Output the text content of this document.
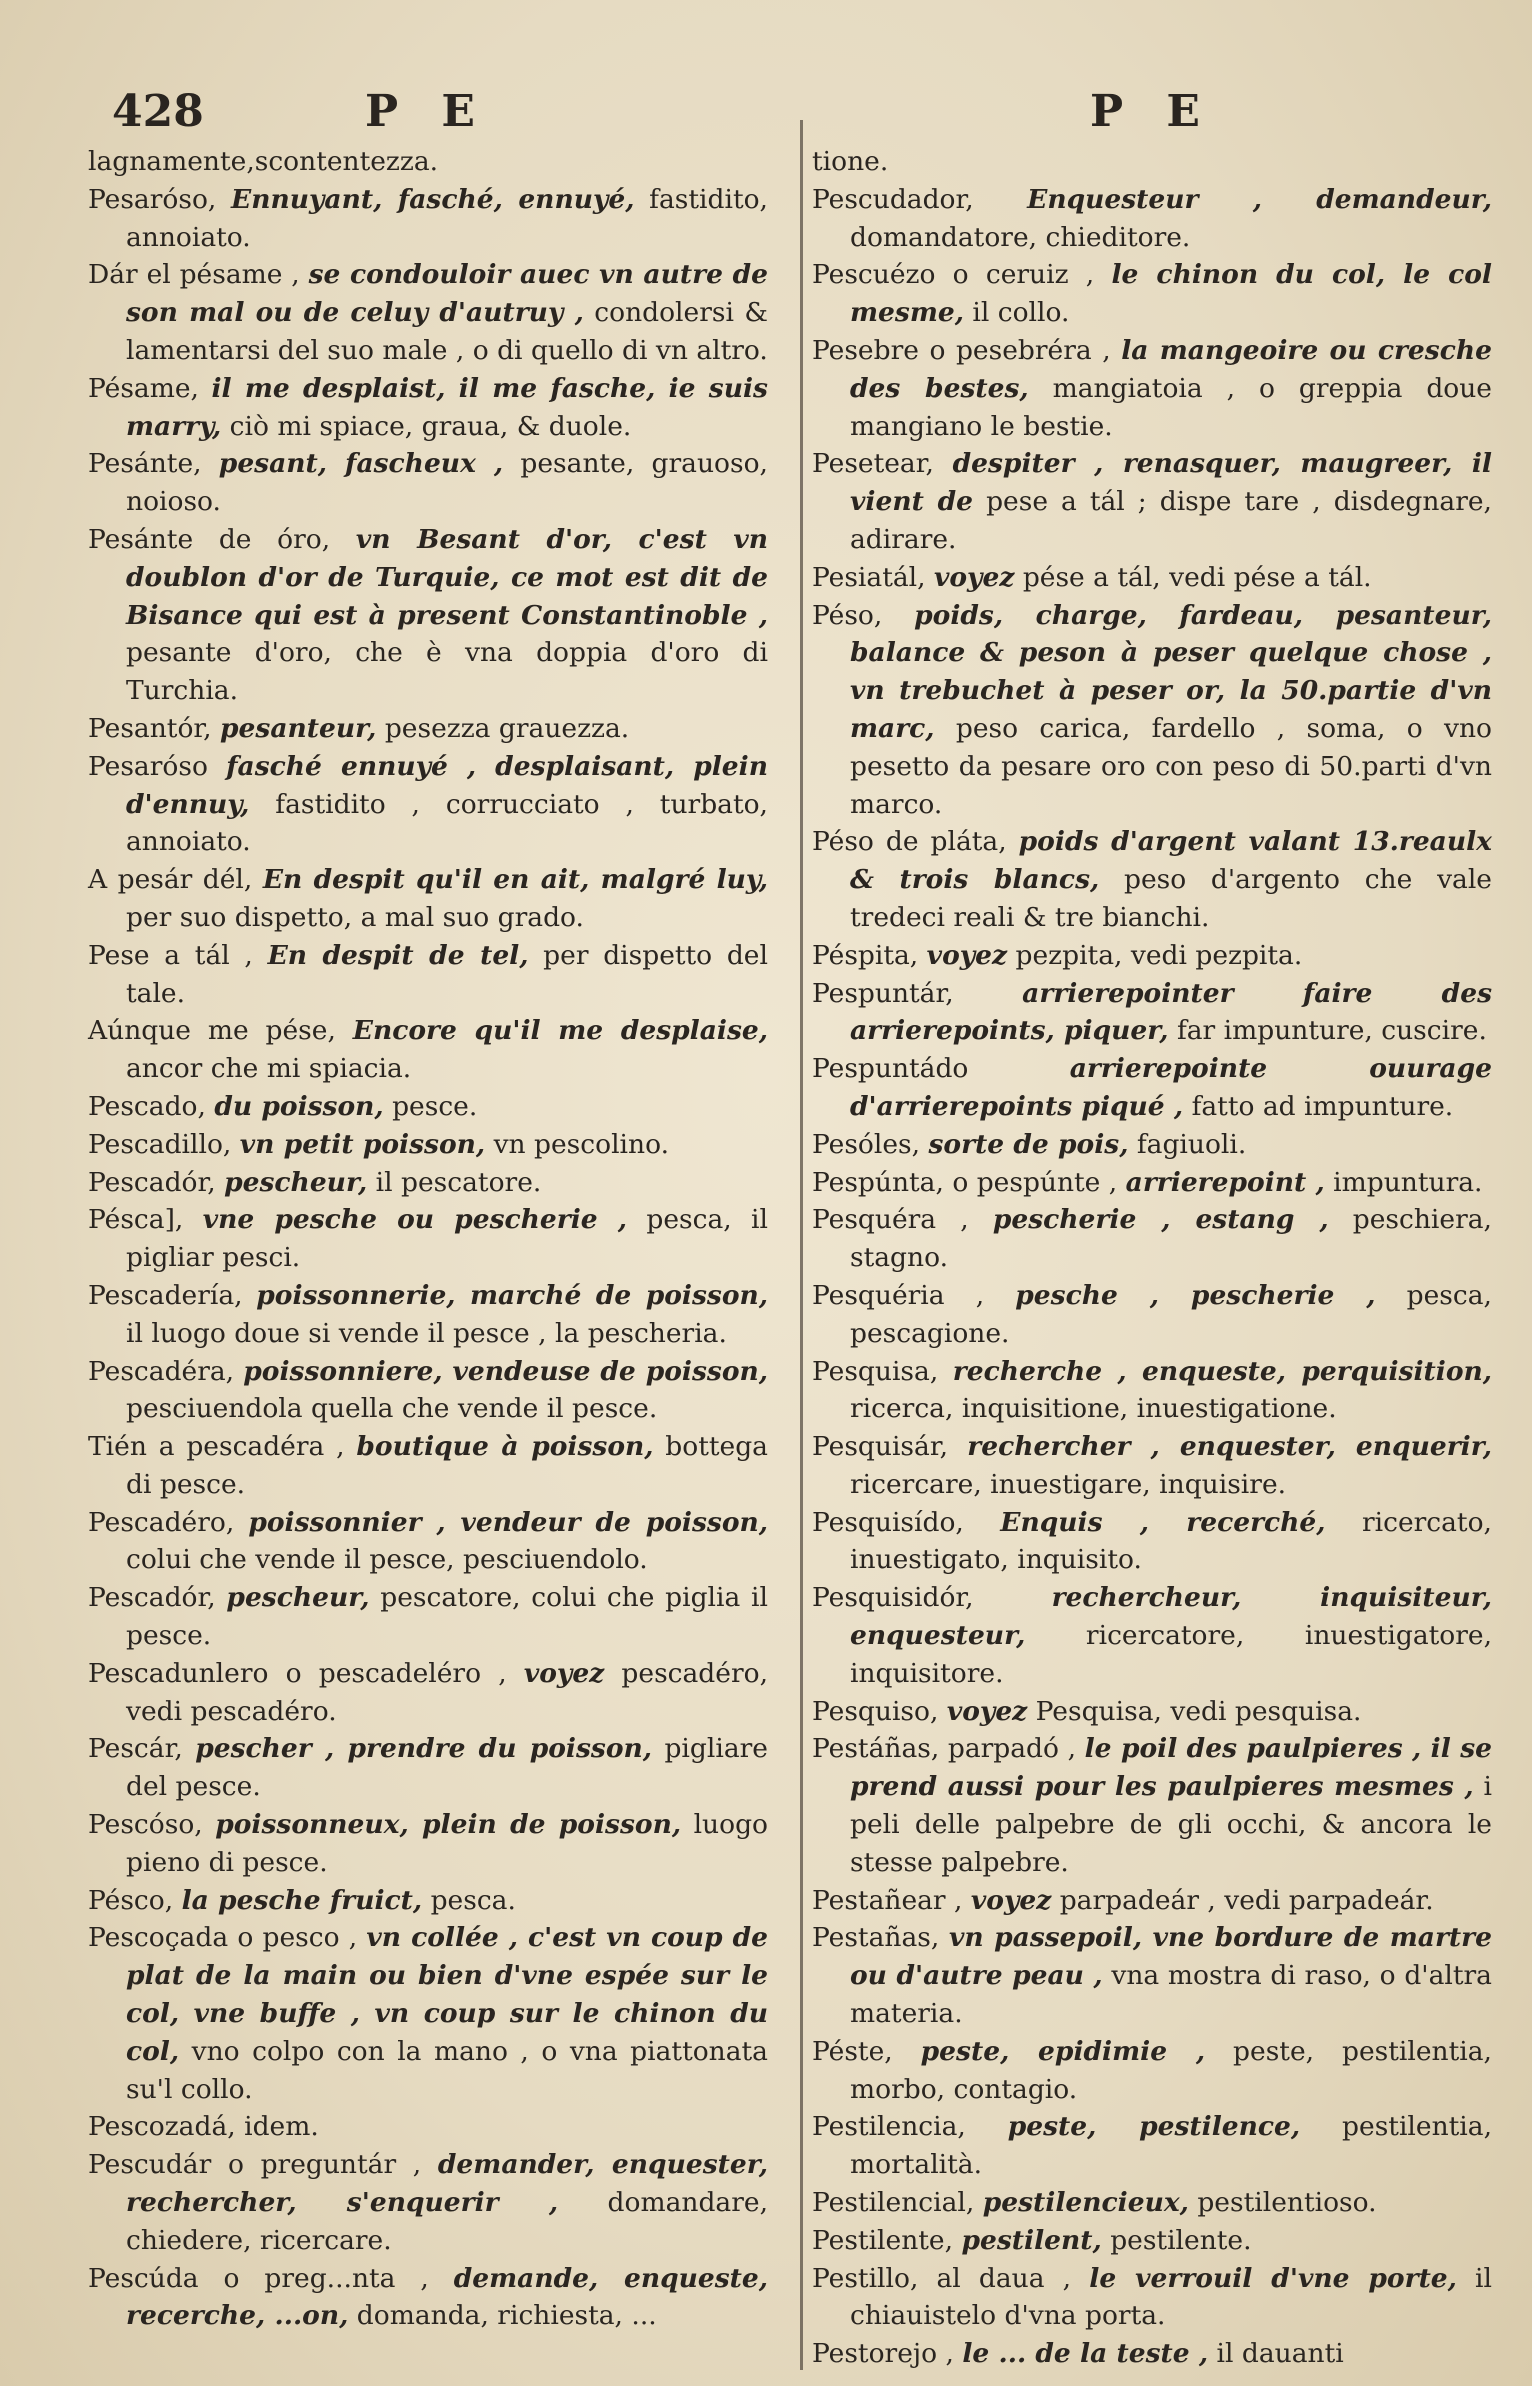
428	P E	P E
lagnamente,scontentezza.
Pesarόso, Ennuyant, fasché, ennuyé, fastidito, annoiato.
Dár el pésame , se condouloir auec vn autre de son mal ou de celuy d'autruy , condolersi & lamentarsi del suo male , o di quello di vn altro.
Pésame, il me desplaist, il me fasche, ie suis marry, ciò mi spiace, graua, & duole.
Pesánte, pesant, fascheux , pesante, grauoso, noioso.
Pesánte de óro, vn Besant d'or, c'est vn doublon d'or de Turquie, ce mot est dit de Bisance qui est à present Constantinoble , pesante d'oro, che è vna doppia d'oro di Turchia.
Pesantór, pesanteur, pesezza grauezza.
Pesarόso fasché ennuyé , desplaisant, plein d'ennuy, fastidito , corrucciato , turbato, annoiato.
A pesár dél, En despit qu'il en ait, malgré luy, per suo dispetto, a mal suo grado.
Pese a tál , En despit de tel, per dispetto del tale.
Aúnque me pése, Encore qu'il me desplaise, ancor che mi spiacia.
Pescado, du poisson, pesce.
Pescadillo, vn petit poisson, vn pescolino.
Pescadór, pescheur, il pescatore.
Pésca], vne pesche ou pescherie , pesca, il pigliar pesci.
Pescadería, poissonnerie, marché de poisson, il luogo doue si vende il pesce , la pescheria.
Pescadéra, poissonniere, vendeuse de poisson, pesciuendola quella che vende il pesce.
Tién a pescadéra , boutique à poisson, bottega di pesce.
Pescadéro, poissonnier , vendeur de poisson, colui che vende il pesce, pesciuendolo.
Pescadór, pescheur, pescatore, colui che piglia il pesce.
Pescadunlero o pescadeléro , voyez pescadéro, vedi pescadéro.
Pescár, pescher , prendre du poisson, pigliare del pesce.
Pescóso, poissonneux, plein de poisson, luogo pieno di pesce.
Pésco, la pesche fruict, pesca.
Pescoçada o pesco , vn collée , c'est vn coup de plat de la main ou bien d'vne espée sur le col, vne buffe , vn coup sur le chinon du col, vno colpo con la mano , o vna piattonata su'l collo.
Pescozadá, idem.
Pescudár o preguntár , demander, enquester, rechercher, s'enquerir , domandare, chiedere, ricercare.
Pescúda o preg...nta , demande, enqueste, recerche, ...on, domanda, richiesta, ...
tione.
Pescudador, Enquesteur , demandeur, domandatore, chieditore.
Pescuézo o ceruiz , le chinon du col, le col mesme, il collo.
Pesebre o pesebréra , la mangeoire ou cresche des bestes, mangiatoia , o greppia doue mangiano le bestie.
Pesetear, despiter , renasquer, maugreer, il vient de pese a tál ; dispe tare , disdegnare, adirare.
Pesiatál, voyez pése a tál, vedi pése a tál.
Péso, poids, charge, fardeau, pesanteur, balance & peson à peser quelque chose , vn trebuchet à peser or, la 50.partie d'vn marc, peso carica, fardello , soma, o vno pesetto da pesare oro con peso di 50.parti d'vn marco.
Péso de pláta, poids d'argent valant 13.reaulx & trois blancs, peso d'argento che vale tredeci reali & tre bianchi.
Péspita, voyez pezpita, vedi pezpita.
Pespuntár,	arrierepointer faire des arrierepoints, piquer, far impunture, cuscire.
Pespuntádo	arrierepointe ouurage d'arrierepoints piqué , fatto ad impunture.
Pesóles, sorte de pois, fagiuoli.
Pespúnta, o pespúnte , arrierepoint , impuntura.
Pesquéra , pescherie , estang , peschiera, stagno.
Pesquéria , pesche , pescherie , pesca, pescagione.
Pesquisa, recherche , enqueste, perquisition, ricerca, inquisitione, inuestigatione.
Pesquisár, rechercher , enquester, enquerir, ricercare, inuestigare, inquisire.
Pesquisído, Enquis , recerché, ricercato, inuestigato, inquisito.
Pesquisidór,	rechercheur, inquisiteur, enquesteur, ricercatore, inuestigatore, inquisitore.
Pesquiso, voyez Pesquisa, vedi pesquisa.
Pestáñas, parpadó , le poil des paulpieres , il se prend aussi pour les paulpieres mesmes , i peli delle palpebre de gli occhi, & ancora le stesse palpebre.
Pestañear , voyez parpadeár , vedi parpadeár.
Pestañas, vn passepoil, vne bordure de martre ou d'autre peau , vna mostra di raso, o d'altra materia.
Péste, peste, epidimie , peste, pestilentia, morbo, contagio.
Pestilencia, peste, pestilence, pestilentia, mortalità.
Pestilencial, pestilencieux, pestilentioso.
Pestilente, pestilent, pestilente.
Pestillo, al daua , le verrouil d'vne porte, il chiauistelo d'vna porta.
Pestorejo , le ... de la teste , il dauanti
